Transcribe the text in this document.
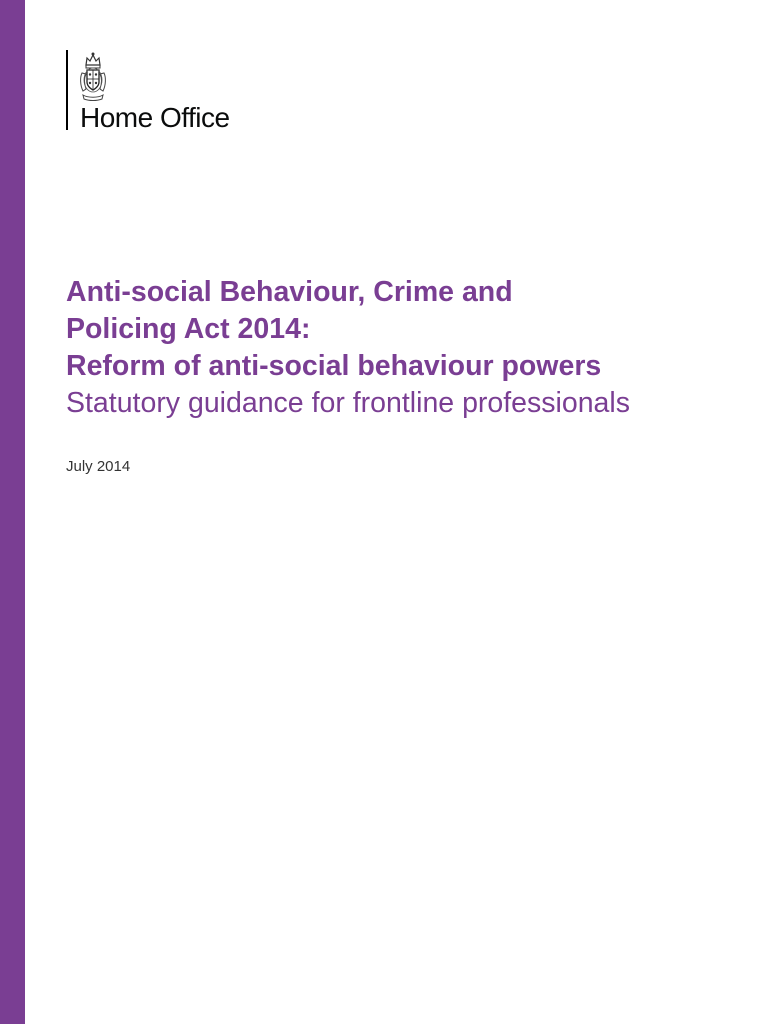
Home Office
Anti-social Behaviour, Crime and
Policing Act 2014:
Reform of anti-social behaviour powers
Statutory guidance for frontline professionals
July 2014
